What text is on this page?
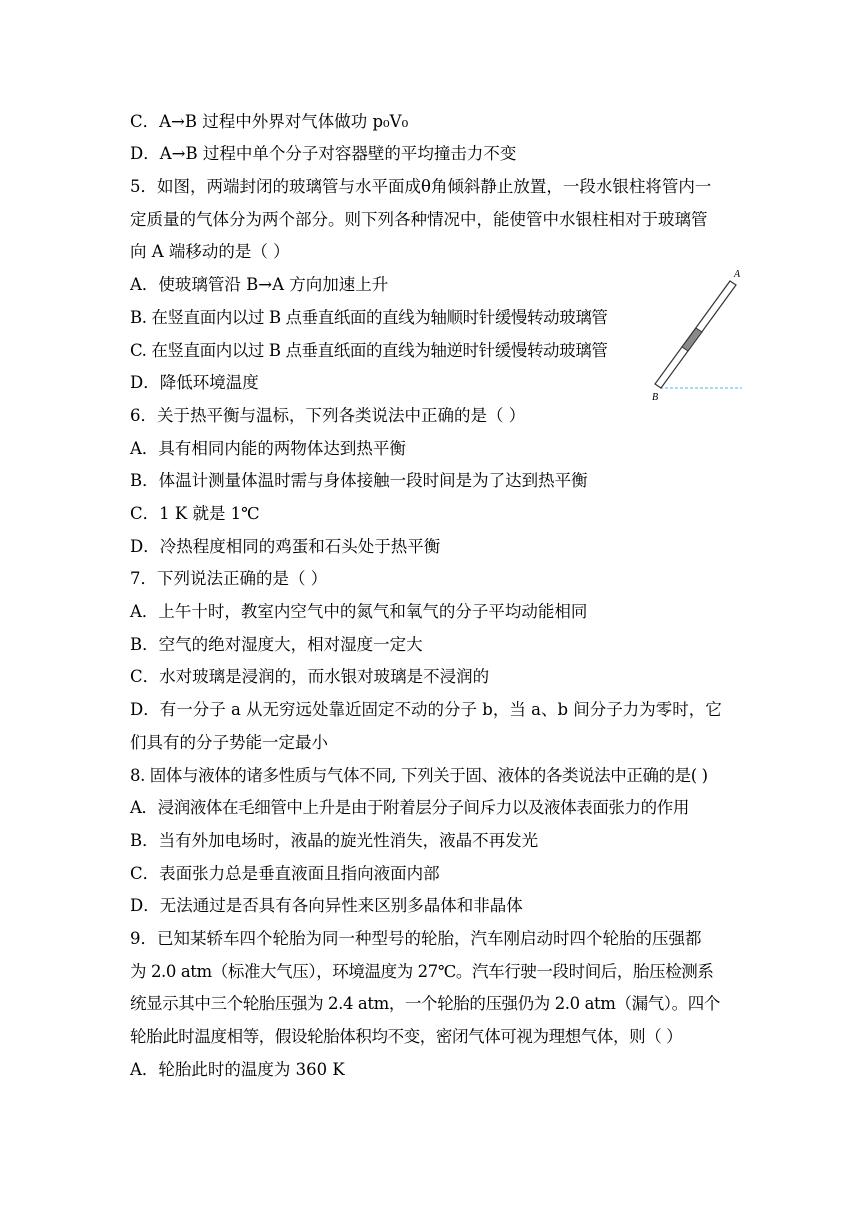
C．A→B 过程中外界对气体做功 p₀V₀
D．A→B 过程中单个分子对容器壁的平均撞击力不变
5．如图，两端封闭的玻璃管与水平面成θ角倾斜静止放置，一段水银柱将管内一
定质量的气体分为两个部分。则下列各种情况中，能使管中水银柱相对于玻璃管
向 A 端移动的是（ ）
A．使玻璃管沿 B→A 方向加速上升
B. 在竖直面内以过 B 点垂直纸面的直线为轴顺时针缓慢转动玻璃管
C. 在竖直面内以过 B 点垂直纸面的直线为轴逆时针缓慢转动玻璃管
D．降低环境温度
A
B
6．关于热平衡与温标，下列各类说法中正确的是（ ）
A．具有相同内能的两物体达到热平衡
B．体温计测量体温时需与身体接触一段时间是为了达到热平衡
C．1 K 就是 1℃
D．冷热程度相同的鸡蛋和石头处于热平衡
7．下列说法正确的是（ ）
A．上午十时，教室内空气中的氮气和氧气的分子平均动能相同
B．空气的绝对湿度大，相对湿度一定大
C．水对玻璃是浸润的，而水银对玻璃是不浸润的
D．有一分子 a 从无穷远处靠近固定不动的分子 b，当 a、b 间分子力为零时，它
们具有的分子势能一定最小
8. 固体与液体的诸多性质与气体不同, 下列关于固、液体的各类说法中正确的是( )
A．浸润液体在毛细管中上升是由于附着层分子间斥力以及液体表面张力的作用
B．当有外加电场时，液晶的旋光性消失，液晶不再发光
C．表面张力总是垂直液面且指向液面内部
D．无法通过是否具有各向异性来区别多晶体和非晶体
9．已知某轿车四个轮胎为同一种型号的轮胎，汽车刚启动时四个轮胎的压强都
为 2.0 atm（标准大气压），环境温度为 27℃。汽车行驶一段时间后，胎压检测系
统显示其中三个轮胎压强为 2.4 atm，一个轮胎的压强仍为 2.0 atm（漏气）。四个
轮胎此时温度相等，假设轮胎体积均不变，密闭气体可视为理想气体，则（ ）
A．轮胎此时的温度为 360 K
